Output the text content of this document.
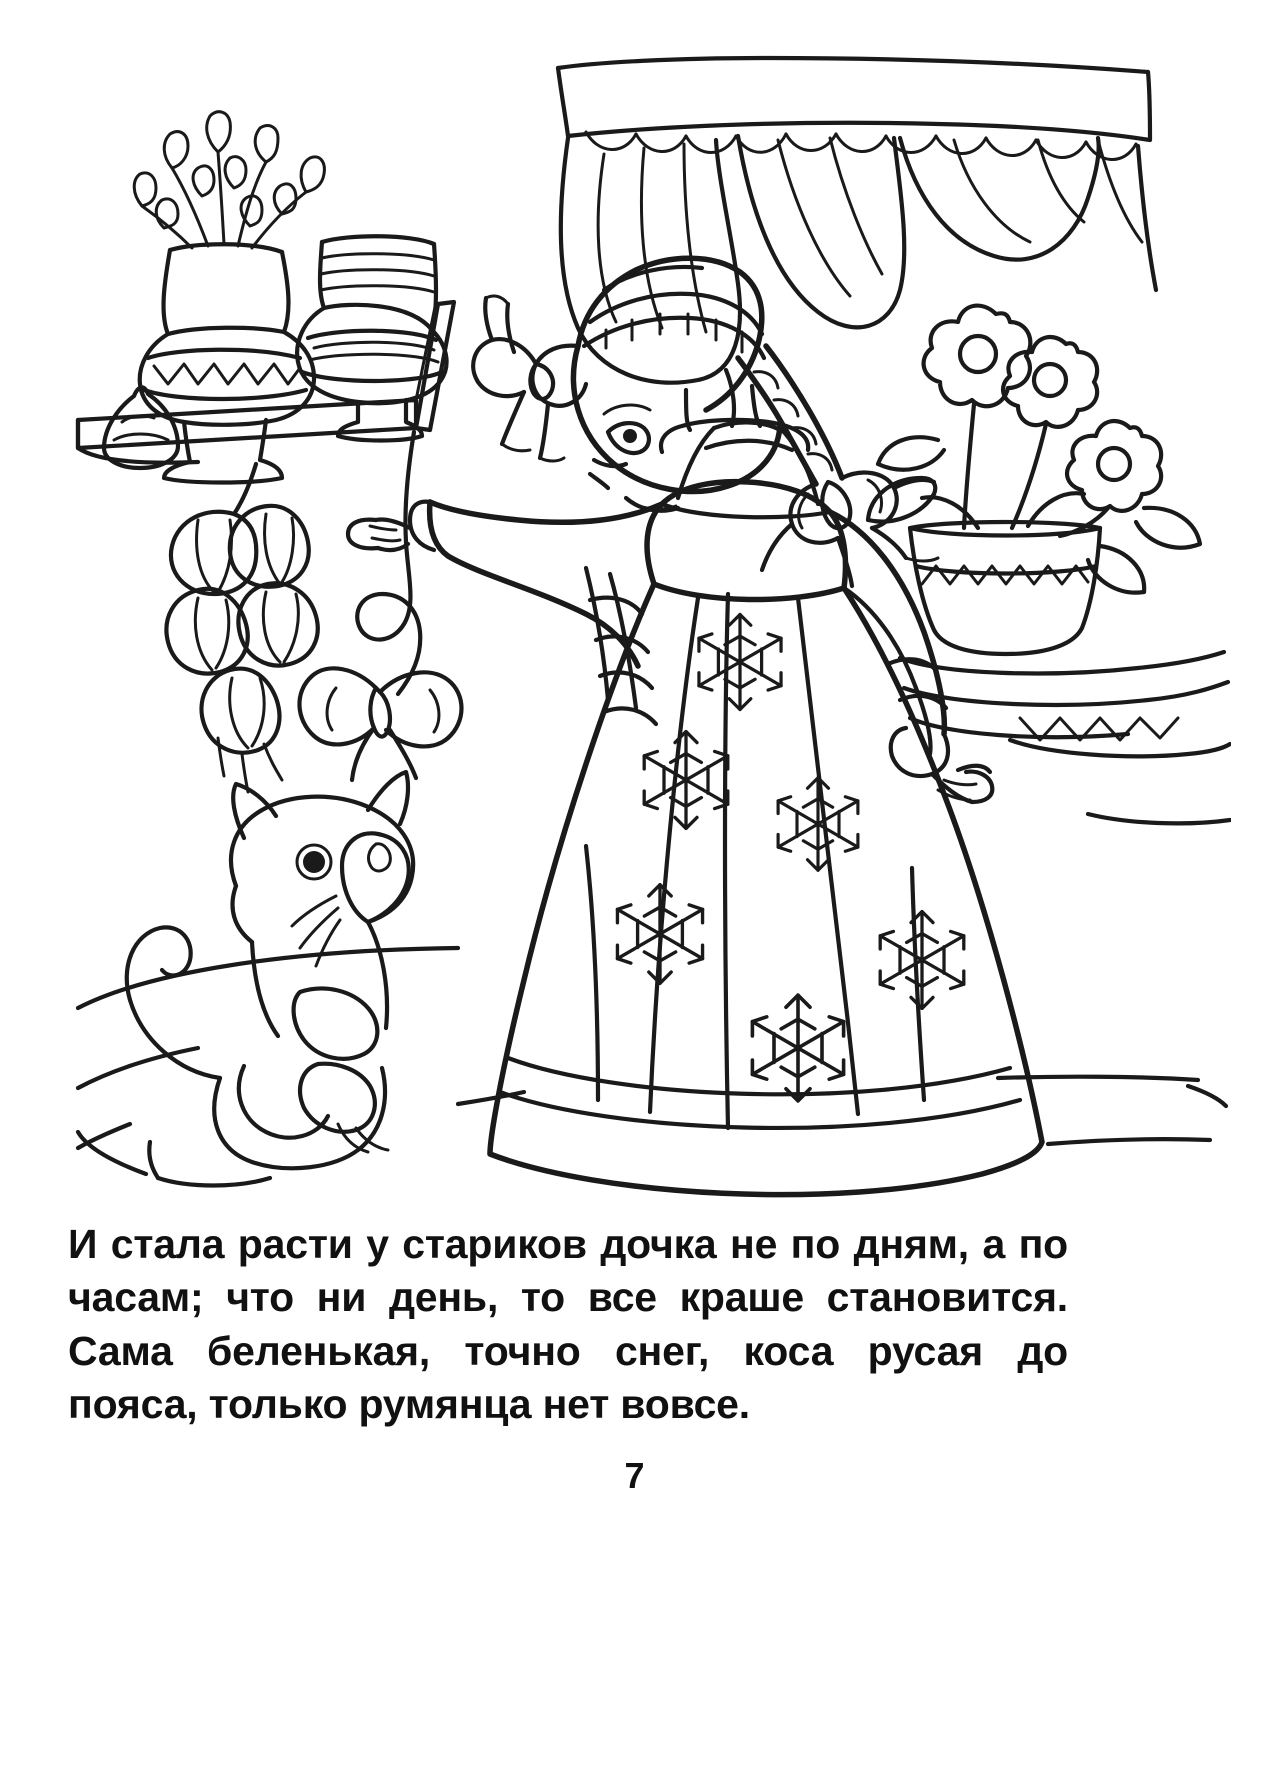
И стала расти у стариков дочка не по дням, а по часам; что ни день, то все краше становится. Сама беленькая, точно снег, коса русая до пояса, только румянца нет вовсе.

7
